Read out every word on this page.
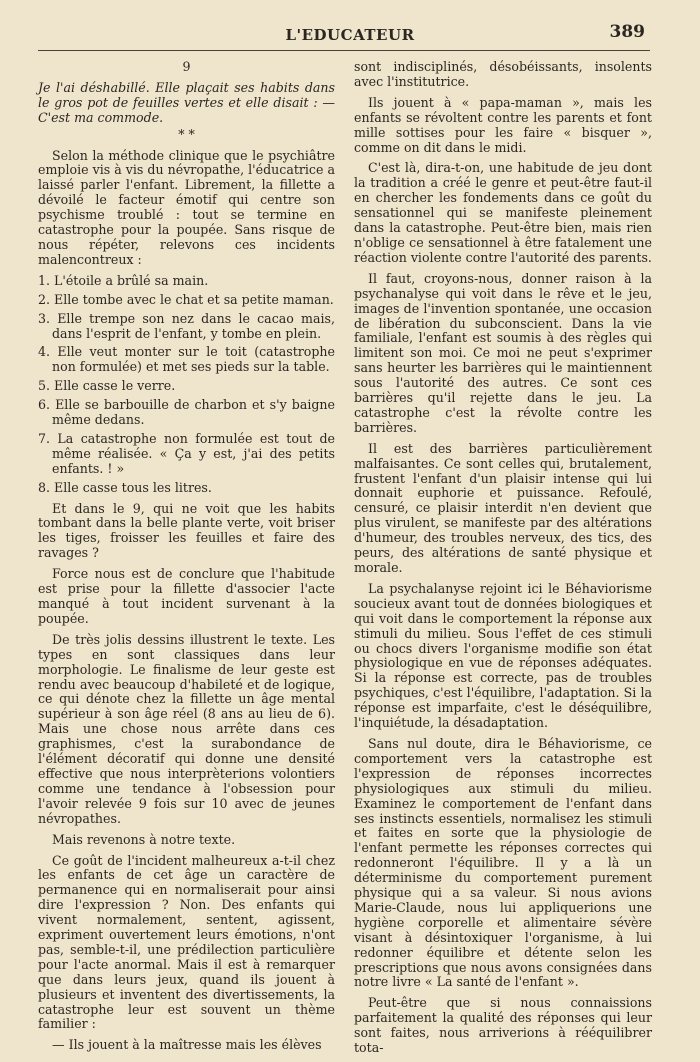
L'EDUCATEUR	389

9

Je l'ai déshabillé. Elle plaçait ses habits dans le gros pot de feuilles vertes et elle disait : — C'est ma commode.

* *

Selon la méthode clinique que le psychiâtre emploie vis à vis du névropathe, l'éducatrice a laissé parler l'enfant. Librement, la fillette a dévoilé le facteur émotif qui centre son psychisme troublé : tout se termine en catastrophe pour la poupée. Sans risque de nous répéter, relevons ces incidents malencontreux :

1. L'étoile a brûlé sa main.
2. Elle tombe avec le chat et sa petite maman.
3. Elle trempe son nez dans le cacao mais, dans l'esprit de l'enfant, y tombe en plein.
4. Elle veut monter sur le toit (catastrophe non formulée) et met ses pieds sur la table.
5. Elle casse le verre.
6. Elle se barbouille de charbon et s'y baigne même dedans.
7. La catastrophe non formulée est tout de même réalisée. « Ça y est, j'ai des petits enfants. ! »
8. Elle casse tous les litres.

Et dans le 9, qui ne voit que les habits tombant dans la belle plante verte, voit briser les tiges, froisser les feuilles et faire des ravages ?

Force nous est de conclure que l'habitude est prise pour la fillette d'associer l'acte manqué à tout incident survenant à la poupée.

De très jolis dessins illustrent le texte. Les types en sont classiques dans leur morphologie. Le finalisme de leur geste est rendu avec beaucoup d'habileté et de logique, ce qui dénote chez la fillette un âge mental supérieur à son âge réel (8 ans au lieu de 6). Mais une chose nous arrête dans ces graphismes, c'est la surabondance de l'élément décoratif qui donne une densité effective que nous interprèterions volontiers comme une tendance à l'obsession pour l'avoir relevée 9 fois sur 10 avec de jeunes névropathes.

Mais revenons à notre texte.

Ce goût de l'incident malheureux a-t-il chez les enfants de cet âge un caractère de permanence qui en normaliserait pour ainsi dire l'expression ? Non. Des enfants qui vivent normalement, sentent, agissent, expriment ouvertement leurs émotions, n'ont pas, semble-t-il, une prédilection particulière pour l'acte anormal. Mais il est à remarquer que dans leurs jeux, quand ils jouent à plusieurs et inventent des divertissements, la catastrophe leur est souvent un thème familier :

— Ils jouent à la maîtresse mais les élèves

sont indisciplinés, désobéissants, insolents avec l'institutrice.

Ils jouent à « papa-maman », mais les enfants se révoltent contre les parents et font mille sottises pour les faire « bisquer », comme on dit dans le midi.

C'est là, dira-t-on, une habitude de jeu dont la tradition a créé le genre et peut-être faut-il en chercher les fondements dans ce goût du sensationnel qui se manifeste pleinement dans la catastrophe. Peut-être bien, mais rien n'oblige ce sensationnel à être fatalement une réaction violente contre l'autorité des parents.

Il faut, croyons-nous, donner raison à la psychanalyse qui voit dans le rêve et le jeu, images de l'invention spontanée, une occasion de libération du subconscient. Dans la vie familiale, l'enfant est soumis à des règles qui limitent son moi. Ce moi ne peut s'exprimer sans heurter les barrières qui le maintiennent sous l'autorité des autres. Ce sont ces barrières qu'il rejette dans le jeu. La catastrophe c'est la révolte contre les barrières.

Il est des barrières particulièrement malfaisantes. Ce sont celles qui, brutalement, frustent l'enfant d'un plaisir intense qui lui donnait euphorie et puissance. Refoulé, censuré, ce plaisir interdit n'en devient que plus virulent, se manifeste par des altérations d'humeur, des troubles nerveux, des tics, des peurs, des altérations de santé physique et morale.

La psychalanyse rejoint ici le Béhaviorisme soucieux avant tout de données biologiques et qui voit dans le comportement la réponse aux stimuli du milieu. Sous l'effet de ces stimuli ou chocs divers l'organisme modifie son état physiologique en vue de réponses adéquates. Si la réponse est correcte, pas de troubles psychiques, c'est l'équilibre, l'adaptation. Si la réponse est imparfaite, c'est le déséquilibre, l'inquiétude, la désadaptation.

Sans nul doute, dira le Béhaviorisme, ce comportement vers la catastrophe est l'expression de réponses incorrectes physiologiques aux stimuli du milieu. Examinez le comportement de l'enfant dans ses instincts essentiels, normalisez les stimuli et faites en sorte que la physiologie de l'enfant permette les réponses correctes qui redonneront l'équilibre. Il y a là un déterminisme du comportement purement physique qui a sa valeur. Si nous avions Marie-Claude, nous lui appliquerions une hygiène corporelle et alimentaire sévère visant à désintoxiquer l'organisme, à lui redonner équilibre et détente selon les prescriptions que nous avons consignées dans notre livre « La santé de l'enfant ».

Peut-être que si nous connaissions parfaitement la qualité des réponses qui leur sont faites, nous arriverions à rééquilibrer tota-
